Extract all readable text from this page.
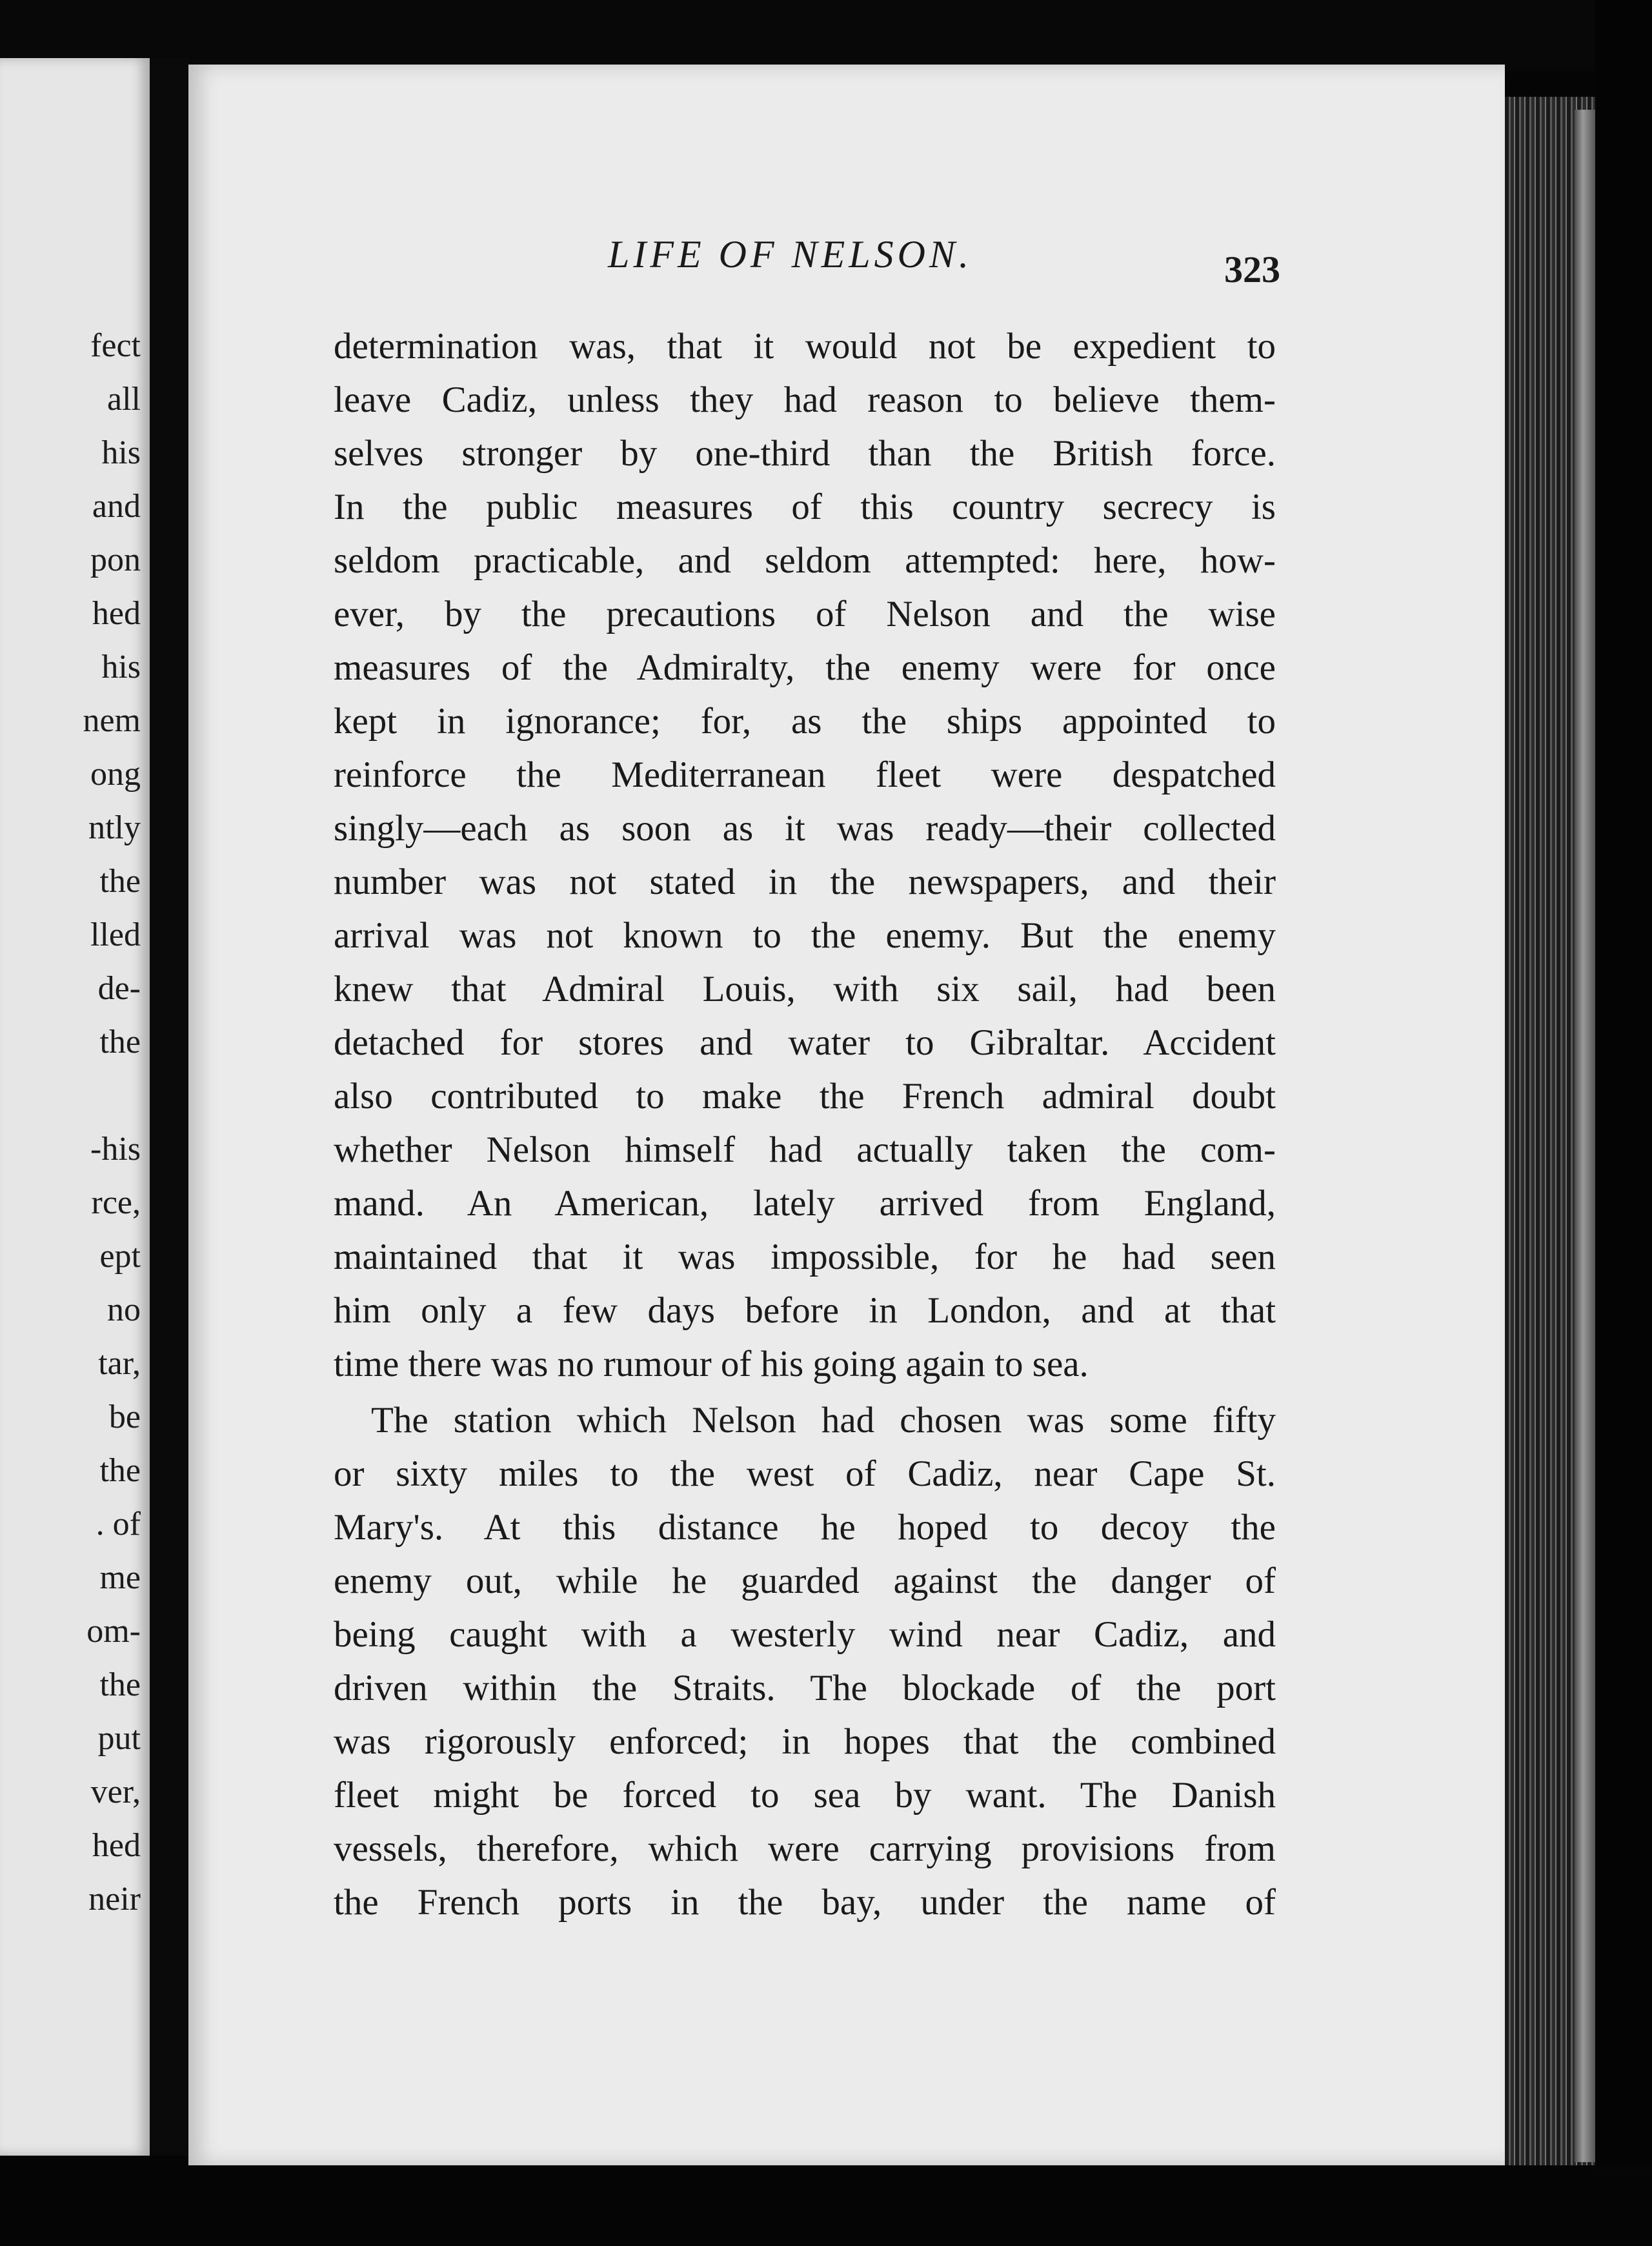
fect
all
his
and
pon
hed
his
nem
ong
ntly
the
lled
de-
the
-his
rce,
ept
no
tar,
be
the
. of
me
om-
the
put
ver,
hed
neir
LIFE OF NELSON.	323
determination was, that it would not be expedient to
leave Cadiz, unless they had reason to believe them-
selves stronger by one-third than the British force.
In the public measures of this country secrecy is
seldom practicable, and seldom attempted: here, how-
ever, by the precautions of Nelson and the wise
measures of the Admiralty, the enemy were for once
kept in ignorance; for, as the ships appointed to
reinforce the Mediterranean fleet were despatched
singly—each as soon as it was ready—their collected
number was not stated in the newspapers, and their
arrival was not known to the enemy. But the enemy
knew that Admiral Louis, with six sail, had been
detached for stores and water to Gibraltar. Accident
also contributed to make the French admiral doubt
whether Nelson himself had actually taken the com-
mand. An American, lately arrived from England,
maintained that it was impossible, for he had seen
him only a few days before in London, and at that
time there was no rumour of his going again to sea.
The station which Nelson had chosen was some fifty
or sixty miles to the west of Cadiz, near Cape St.
Mary's. At this distance he hoped to decoy the
enemy out, while he guarded against the danger of
being caught with a westerly wind near Cadiz, and
driven within the Straits. The blockade of the port
was rigorously enforced; in hopes that the combined
fleet might be forced to sea by want. The Danish
vessels, therefore, which were carrying provisions from
the French ports in the bay, under the name of
